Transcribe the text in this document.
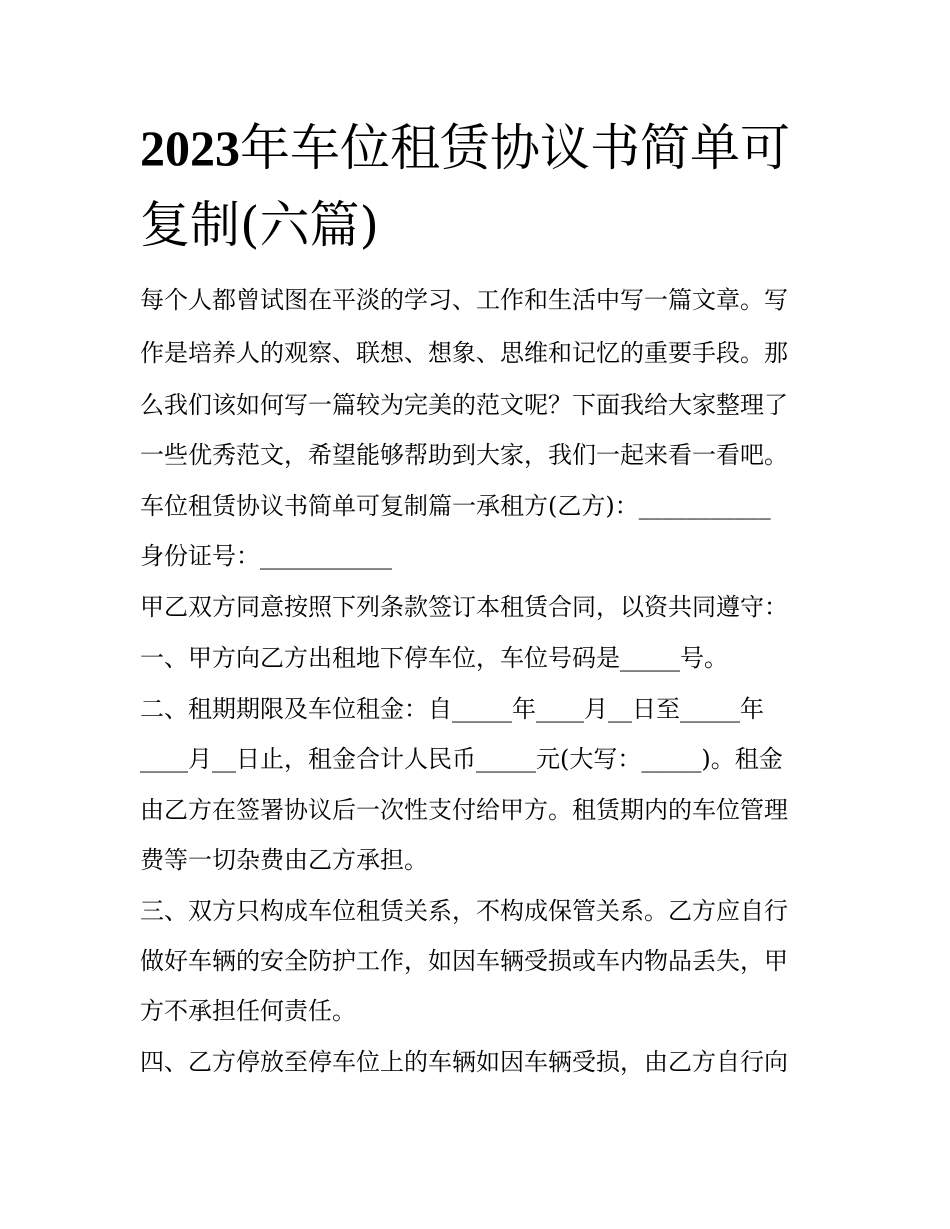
2023年车位租赁协议书简单可
复制(六篇)

每个人都曾试图在平淡的学习、工作和生活中写一篇文章。写

作是培养人的观察、联想、想象、思维和记忆的重要手段。那

么我们该如何写一篇较为完美的范文呢？下面我给大家整理了

一些优秀范文，希望能够帮助到大家，我们一起来看一看吧。

车位租赁协议书简单可复制篇一承租方(乙方)：___________

身份证号：___________

甲乙双方同意按照下列条款签订本租赁合同，以资共同遵守：

一、甲方向乙方出租地下停车位，车位号码是_____号。

二、租期期限及车位租金：自_____年____月__日至_____年

____月__日止，租金合计人民币_____元(大写：_____)。租金

由乙方在签署协议后一次性支付给甲方。租赁期内的车位管理

费等一切杂费由乙方承担。

三、双方只构成车位租赁关系，不构成保管关系。乙方应自行

做好车辆的安全防护工作，如因车辆受损或车内物品丢失，甲

方不承担任何责任。

四、乙方停放至停车位上的车辆如因车辆受损，由乙方自行向
